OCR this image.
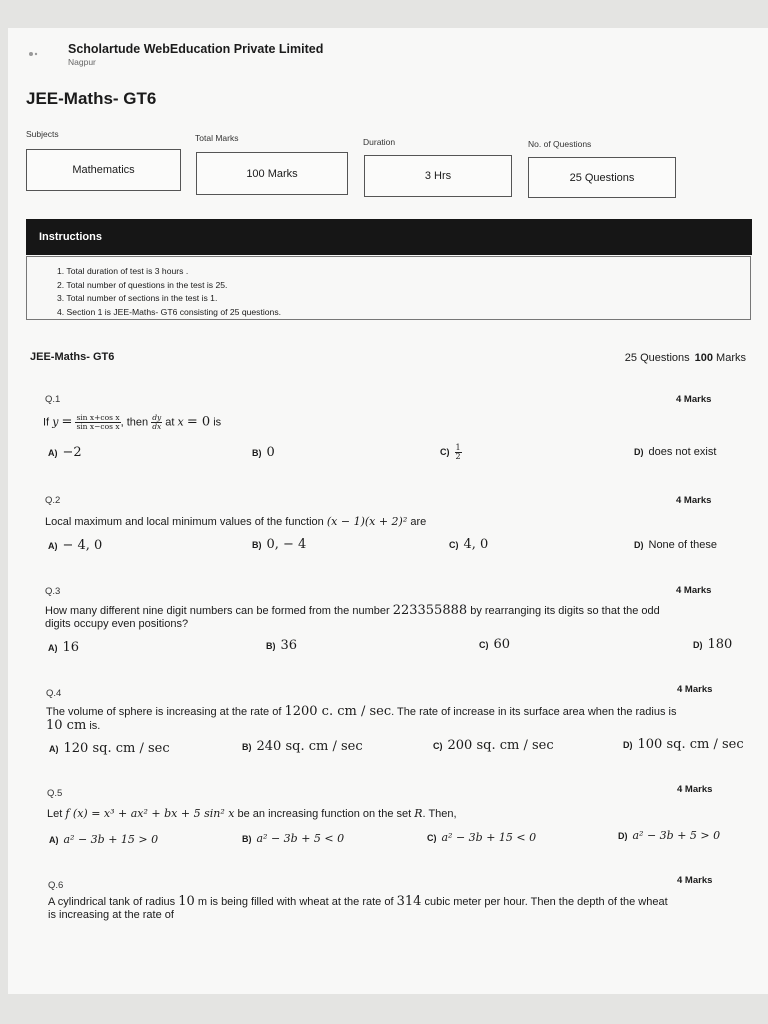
Scholartude WebEducation Private Limited
Nagpur
JEE-Maths- GT6
Subjects	Total Marks	Duration	No. of Questions
Mathematics	100 Marks	3 Hrs	25 Questions
Instructions
1. Total duration of test is 3 hours .
2. Total number of questions in the test is 25.
3. Total number of sections in the test is 1.
4. Section 1 is JEE-Maths- GT6 consisting of 25 questions.
JEE-Maths- GT6	25 Questions 100 Marks
Q.1	4 Marks
If $y = \frac{\text{sin x+cos x}}{\text{sin x−cos x}}$ , then $\frac{dy}{dx}$ at x = 0 is
A) −2	B) 0	$C) \frac{1}{2}$	D) does not exist
Q.2	4 Marks
Local maximum and local minimum values of the function (x − 1)(x + 2)² are
A) − 4, 0	B) 0, − 4	C) 4, 0	D) None of these
Q.3	4 Marks
How many different nine digit numbers can be formed from the number 223355888 by rearranging its digits so that the odd
digits occupy even positions?
A) 16	B) 36	C) 60	D) 180
Q.4	4 Marks
The volume of sphere is increasing at the rate of 1200 c. cm / sec. The rate of increase in its surface area when the radius is
10 cm is.
A) 120 sq. cm / sec	B) 240 sq. cm / sec	C) 200 sq. cm / sec	D) 100 sq. cm / sec
Q.5	4 Marks
Let f (x) = x³ + ax² + bx + 5 sin² x be an increasing function on the set R. Then,
A) a² − 3b + 15 > 0	B) a² − 3b + 5 < 0	C) a² − 3b + 15 < 0	D) a² − 3b + 5 > 0
Q.6	4 Marks
A cylindrical tank of radius 10 m is being filled with wheat at the rate of 314 cubic meter per hour. Then the depth of the wheat
is increasing at the rate of
